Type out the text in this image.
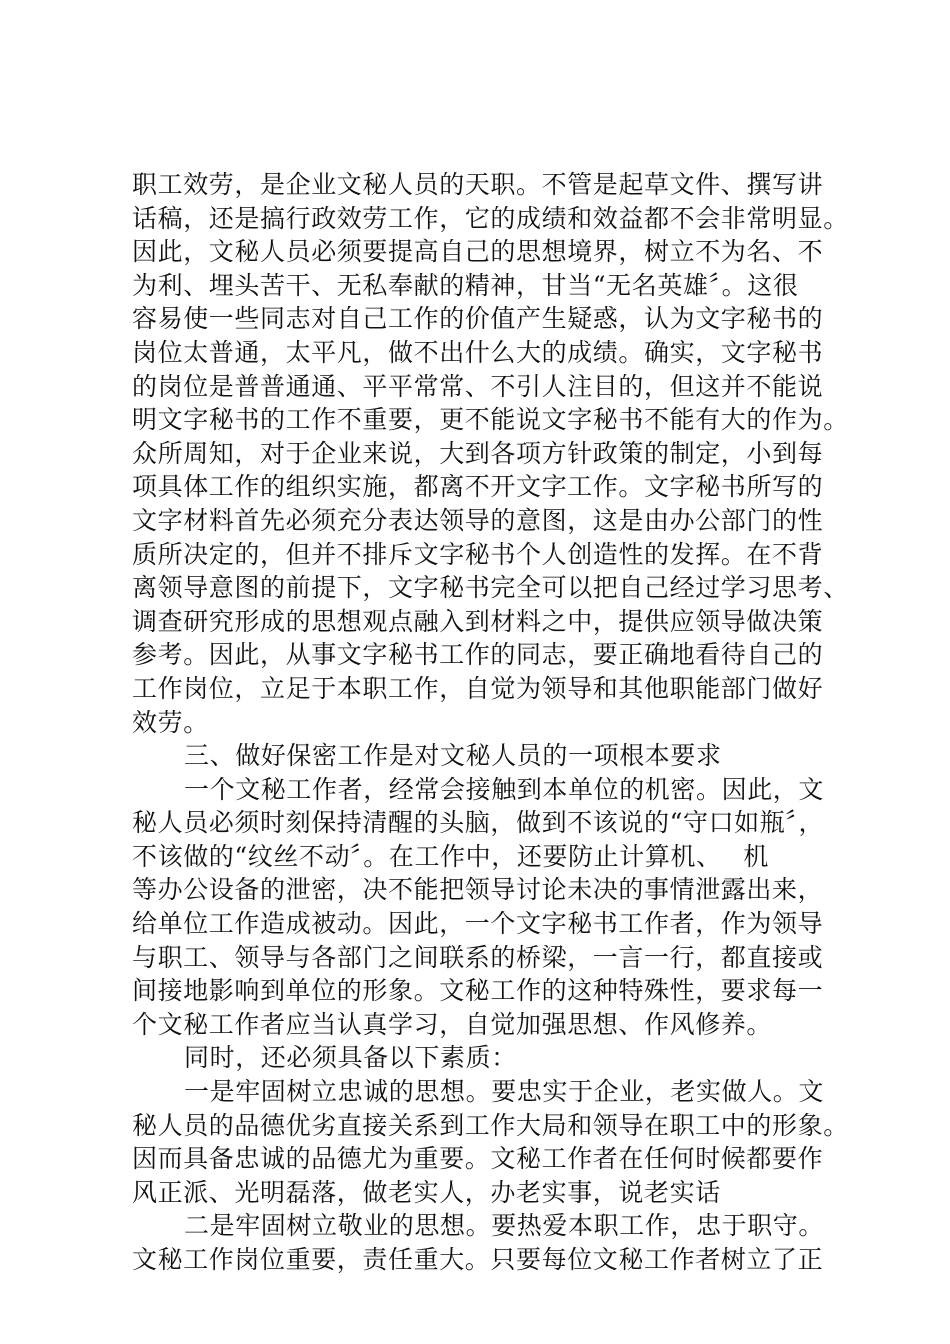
职工效劳，是企业文秘人员的天职。不管是起草文件、撰写讲
话稿，还是搞行政效劳工作，它的成绩和效益都不会非常明显。
因此，文秘人员必须要提高自己的思想境界，树立不为名、不
为利、埋头苦干、无私奉献的精神，甘当“无名英雄〞。这很
容易使一些同志对自己工作的价值产生疑惑，认为文字秘书的
岗位太普通，太平凡，做不出什么大的成绩。确实，文字秘书
的岗位是普普通通、平平常常、不引人注目的，但这并不能说
明文字秘书的工作不重要，更不能说文字秘书不能有大的作为。
众所周知，对于企业来说，大到各项方针政策的制定，小到每
项具体工作的组织实施，都离不开文字工作。文字秘书所写的
文字材料首先必须充分表达领导的意图，这是由办公部门的性
质所决定的，但并不排斥文字秘书个人创造性的发挥。在不背
离领导意图的前提下，文字秘书完全可以把自己经过学习思考、
调查研究形成的思想观点融入到材料之中，提供应领导做决策
参考。因此，从事文字秘书工作的同志，要正确地看待自己的
工作岗位，立足于本职工作，自觉为领导和其他职能部门做好
效劳。
三、做好保密工作是对文秘人员的一项根本要求
一个文秘工作者，经常会接触到本单位的机密。因此，文
秘人员必须时刻保持清醒的头脑，做到不该说的“守口如瓶〞，
不该做的“纹丝不动〞。在工作中，还要防止计算机、　 机
等办公设备的泄密，决不能把领导讨论未决的事情泄露出来，
给单位工作造成被动。因此，一个文字秘书工作者，作为领导
与职工、领导与各部门之间联系的桥梁，一言一行，都直接或
间接地影响到单位的形象。文秘工作的这种特殊性，要求每一
个文秘工作者应当认真学习，自觉加强思想、作风修养。
同时，还必须具备以下素质：
一是牢固树立忠诚的思想。要忠实于企业，老实做人。文
秘人员的品德优劣直接关系到工作大局和领导在职工中的形象。
因而具备忠诚的品德尤为重要。文秘工作者在任何时候都要作
风正派、光明磊落，做老实人，办老实事，说老实话
二是牢固树立敬业的思想。要热爱本职工作，忠于职守。
文秘工作岗位重要，责任重大。只要每位文秘工作者树立了正
